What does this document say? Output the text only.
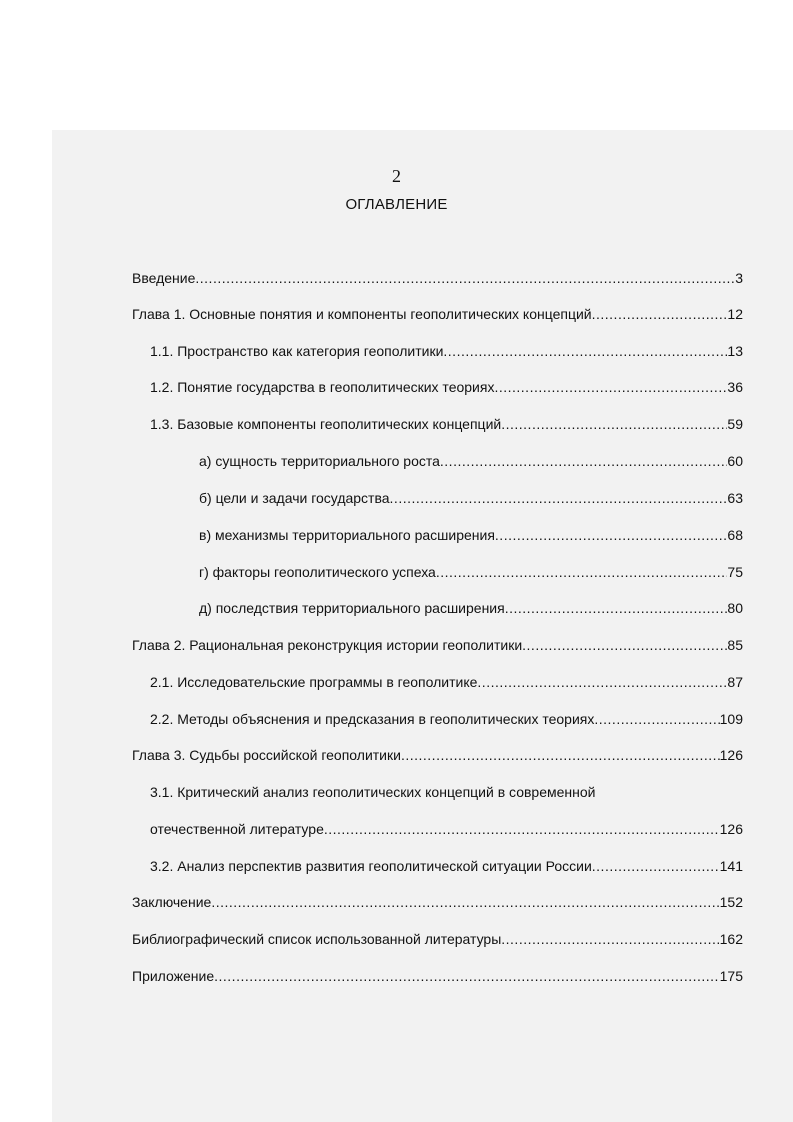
2
ОГЛАВЛЕНИЕ
Введение .....	3
Глава 1. Основные понятия и компоненты геополитических концепций .....	12
1.1. Пространство как категория геополитики .....	13
1.2. Понятие государства в геополитических теориях .....	36
1.3. Базовые компоненты геополитических концепций .....	59
а) сущность территориального роста .....	60
б) цели и задачи государства .....	63
в) механизмы территориального расширения .....	68
г) факторы геополитического успеха .....	75
д) последствия территориального расширения .....	80
Глава 2. Рациональная реконструкция истории геополитики .....	85
2.1. Исследовательские программы в геополитике .....	87
2.2. Методы объяснения и предсказания в геополитических теориях .....	109
Глава 3. Судьбы российской геополитики .....	126
3.1. Критический анализ геополитических концепций в современной
отечественной литературе .....	126
3.2. Анализ перспектив развития геополитической ситуации России .....	141
Заключение .....	152
Библиографический список использованной литературы .....	162
Приложение .....	175
